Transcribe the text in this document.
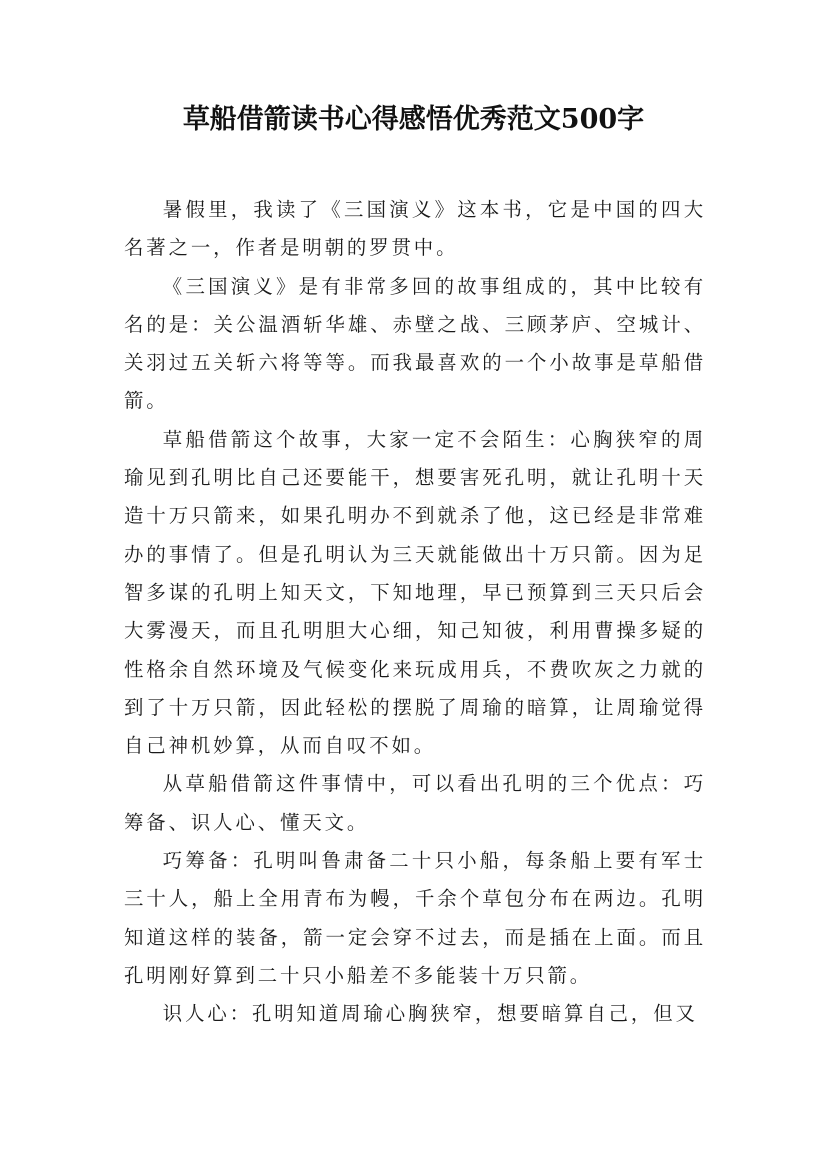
草船借箭读书心得感悟优秀范文500字

暑假里，我读了《三国演义》这本书，它是中国的四大名著之一，作者是明朝的罗贯中。

《三国演义》是有非常多回的故事组成的，其中比较有名的是：关公温酒斩华雄、赤壁之战、三顾茅庐、空城计、关羽过五关斩六将等等。而我最喜欢的一个小故事是草船借箭。

草船借箭这个故事，大家一定不会陌生：心胸狭窄的周瑜见到孔明比自己还要能干，想要害死孔明，就让孔明十天造十万只箭来，如果孔明办不到就杀了他，这已经是非常难办的事情了。但是孔明认为三天就能做出十万只箭。因为足智多谋的孔明上知天文，下知地理，早已预算到三天只后会大雾漫天，而且孔明胆大心细，知己知彼，利用曹操多疑的性格余自然环境及气候变化来玩成用兵，不费吹灰之力就的到了十万只箭，因此轻松的摆脱了周瑜的暗算，让周瑜觉得自己神机妙算，从而自叹不如。

从草船借箭这件事情中，可以看出孔明的三个优点：巧筹备、识人心、懂天文。

巧筹备：孔明叫鲁肃备二十只小船，每条船上要有军士三十人，船上全用青布为幔，千余个草包分布在两边。孔明知道这样的装备，箭一定会穿不过去，而是插在上面。而且孔明刚好算到二十只小船差不多能装十万只箭。

识人心：孔明知道周瑜心胸狭窄，想要暗算自己，但又
